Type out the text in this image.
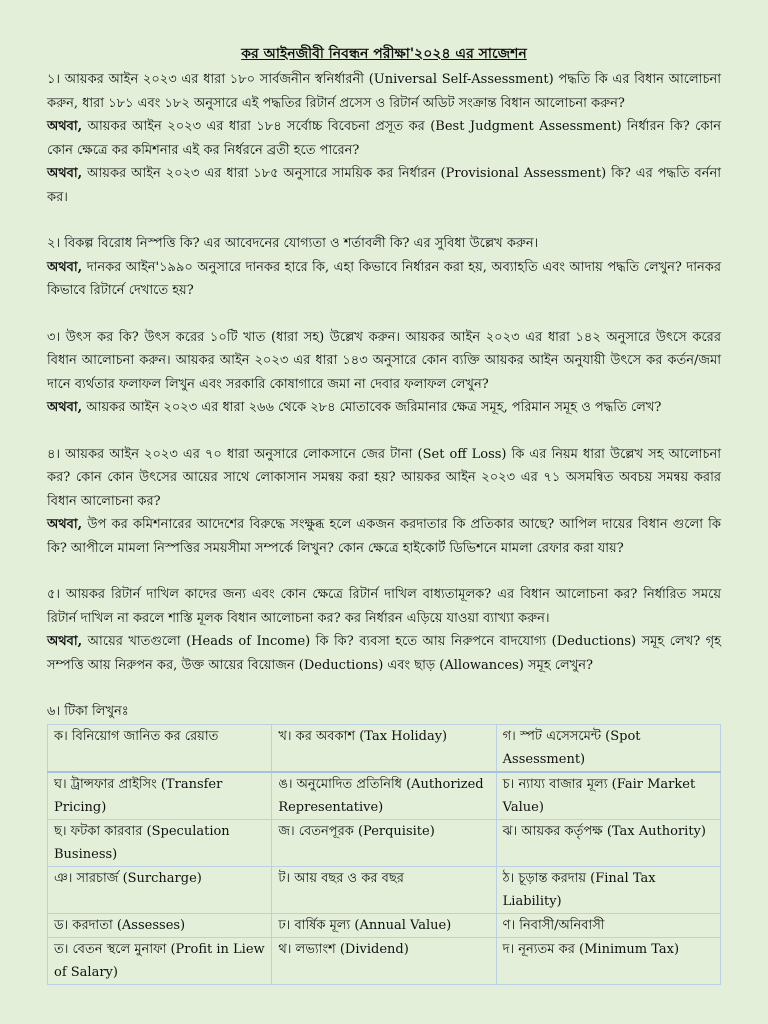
কর আইনজীবী নিবন্ধন পরীক্ষা'২০২৪ এর সাজেশন

১। আয়কর আইন ২০২৩ এর ধারা ১৮০ সার্বজনীন স্বনির্ধারনী (Universal Self-Assessment) পদ্ধতি কি এর বিধান আলোচনা করুন, ধারা ১৮১ এবং ১৮২ অনুসারে এই পদ্ধতির রিটার্ন প্রসেস ও রিটার্ন অডিট সংক্রান্ত বিধান আলোচনা করুন?

অথবা, আয়কর আইন ২০২৩ এর ধারা ১৮৪ সর্বোচ্চ বিবেচনা প্রসূত কর (Best Judgment Assessment) নির্ধারন কি? কোন কোন ক্ষেত্রে কর কমিশনার এই কর নির্ধরনে ব্রতী হতে পারেন?

অথবা, আয়কর আইন ২০২৩ এর ধারা ১৮৫ অনুসারে সাময়িক কর নির্ধারন (Provisional Assessment) কি? এর পদ্ধতি বর্ননা কর।

২। বিকল্প বিরোধ নিস্পত্তি কি? এর আবেদনের যোগ্যতা ও শর্তাবলী কি? এর সুবিধা উল্লেখ করুন।

অথবা, দানকর আইন'১৯৯০ অনুসারে দানকর হারে কি, এহা কিভাবে নির্ধারন করা হয়, অব্যাহতি এবং আদায় পদ্ধতি লেখুন? দানকর কিভাবে রিটার্নে দেখাতে হয়?

৩। উৎস কর কি? উৎস করের ১০টি খাত (ধারা সহ) উল্লেখ করুন। আয়কর আইন ২০২৩ এর ধারা ১৪২ অনুসারে উৎসে করের বিধান আলোচনা করুন। আয়কর আইন ২০২৩ এর ধারা ১৪৩ অনুসারে কোন ব্যক্তি আয়কর আইন অনুযায়ী উৎসে কর কর্তন/জমা দানে ব্যর্থতার ফলাফল লিখুন এবং সরকারি কোষাগারে জমা না দেবার ফলাফল লেখুন?

অথবা, আয়কর আইন ২০২৩ এর ধারা ২৬৬ থেকে ২৮৪ মোতাবেক জরিমানার ক্ষেত্র সমূহ, পরিমান সমূহ ও পদ্ধতি লেখ?

৪। আয়কর আইন ২০২৩ এর ৭০ ধারা অনুসারে লোকসানে জের টানা (Set off Loss) কি এর নিয়ম ধারা উল্লেখ সহ আলোচনা কর? কোন কোন উৎসের আয়ের সাথে লোকাসান সমন্বয় করা হয়? আয়কর আইন ২০২৩ এর ৭১ অসমন্বিত অবচয় সমন্বয় করার বিধান আলোচনা কর?

অথবা, উপ কর কমিশনারের আদেশের বিরুদ্ধে সংক্ষুব্ধ হলে একজন করদাতার কি প্রতিকার আছে? আপিল দায়ের বিধান গুলো কি কি? আপীলে মামলা নিস্পত্তির সময়সীমা সম্পর্কে লিখুন? কোন ক্ষেত্রে হাইকোর্ট ডিভিশনে মামলা রেফার করা যায়?

৫। আয়কর রিটার্ন দাখিল কাদের জন্য এবং কোন ক্ষেত্রে রিটার্ন দাখিল বাধ্যতামূলক? এর বিধান আলোচনা কর? নির্ধারিত সময়ে রিটার্ন দাখিল না করলে শাস্তি মূলক বিধান আলোচনা কর? কর নির্ধারন এড়িয়ে যাওয়া ব্যাখ্যা করুন।

অথবা, আয়ের খাতগুলো (Heads of Income) কি কি? ব্যবসা হতে আয় নিরুপনে বাদযোগ্য (Deductions) সমূহ লেখ? গৃহ সম্পত্তি আয় নিরুপন কর, উক্ত আয়ের বিয়োজন (Deductions) এবং ছাড় (Allowances) সমূহ লেখুন?

৬। টিকা লিখুনঃ

ক। বিনিয়োগ জানিত কর রেয়াত	খ। কর অবকাশ (Tax Holiday)	গ। স্পট এসেসমেন্ট (Spot Assessment)
ঘ। ট্রান্সফার প্রাইসিং (Transfer Pricing)	ঙ। অনুমোদিত প্রতিনিধি (Authorized Representative)	চ। ন্যায্য বাজার মূল্য (Fair Market Value)
ছ। ফটকা কারবার (Speculation Business)	জ। বেতনপূরক (Perquisite)	ঝ। আয়কর কর্তৃপক্ষ (Tax Authority)
ঞ। সারচার্জ (Surcharge)	ট। আয় বছর ও কর বছর	ঠ। চূড়ান্ত করদায় (Final Tax Liability)
ড। করদাতা (Assesses)	ঢ। বার্ষিক মূল্য (Annual Value)	ণ। নিবাসী/অনিবাসী
ত। বেতন স্থলে মুনাফা (Profit in Liew of Salary)	থ। লভ্যাংশ (Dividend)	দ। নূন্যতম কর (Minimum Tax)
